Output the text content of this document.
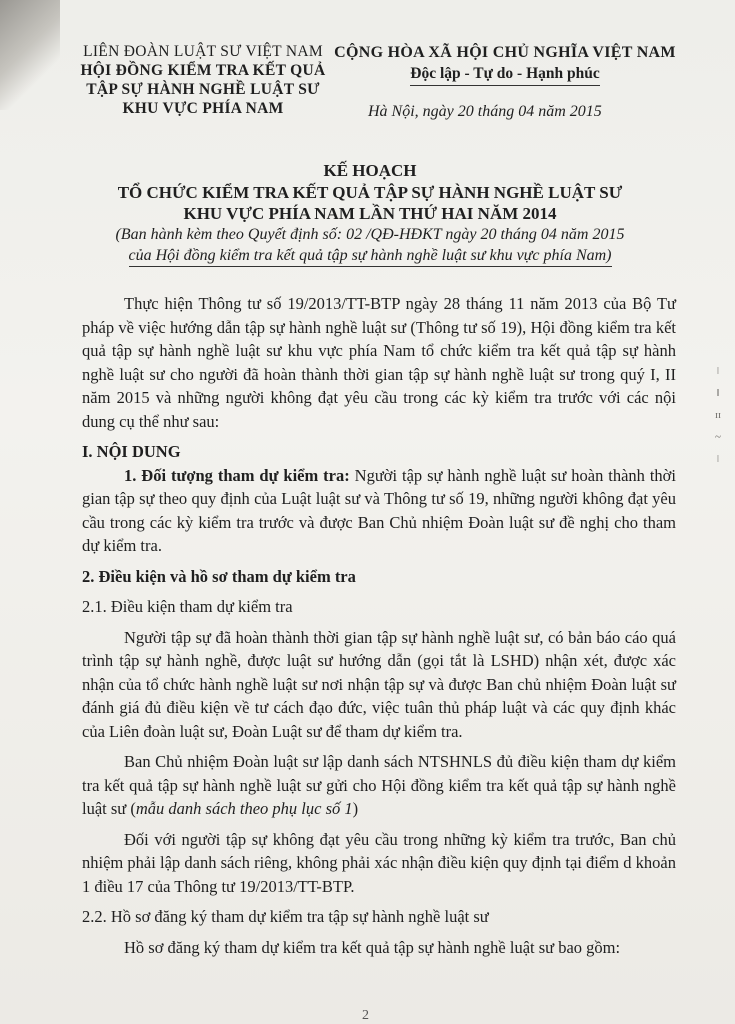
LIÊN ĐOÀN LUẬT SƯ VIỆT NAM
HỘI ĐỒNG KIỂM TRA KẾT QUẢ
TẬP SỰ HÀNH NGHỀ LUẬT SƯ
KHU VỰC PHÍA NAM
CỘNG HÒA XÃ HỘI CHỦ NGHĨA VIỆT NAM
Độc lập - Tự do - Hạnh phúc
Hà Nội, ngày 20 tháng 04 năm 2015
KẾ HOẠCH
TỔ CHỨC KIỂM TRA KẾT QUẢ TẬP SỰ HÀNH NGHỀ LUẬT SƯ
KHU VỰC PHÍA NAM LẦN THỨ HAI NĂM 2014
(Ban hành kèm theo Quyết định số: 02 /QĐ-HĐKT ngày 20 tháng 04 năm 2015
của Hội đồng kiểm tra kết quả tập sự hành nghề luật sư khu vực phía Nam)

Thực hiện Thông tư số 19/2013/TT-BTP ngày 28 tháng 11 năm 2013 của Bộ Tư pháp về việc hướng dẫn tập sự hành nghề luật sư (Thông tư số 19), Hội đồng kiểm tra kết quả tập sự hành nghề luật sư khu vực phía Nam tổ chức kiểm tra kết quả tập sự hành nghề luật sư cho người đã hoàn thành thời gian tập sự hành nghề luật sư trong quý I, II năm 2015 và những người không đạt yêu cầu trong các kỳ kiểm tra trước với các nội dung cụ thể như sau:

I. NỘI DUNG

1. Đối tượng tham dự kiểm tra: Người tập sự hành nghề luật sư hoàn thành thời gian tập sự theo quy định của Luật luật sư và Thông tư số 19, những người không đạt yêu cầu trong các kỳ kiểm tra trước và được Ban Chủ nhiệm Đoàn luật sư đề nghị cho tham dự kiểm tra.

2. Điều kiện và hồ sơ tham dự kiểm tra

2.1. Điều kiện tham dự kiểm tra

Người tập sự đã hoàn thành thời gian tập sự hành nghề luật sư, có bản báo cáo quá trình tập sự hành nghề, được luật sư hướng dẫn (gọi tắt là LSHD) nhận xét, được xác nhận của tổ chức hành nghề luật sư nơi nhận tập sự và được Ban chủ nhiệm Đoàn luật sư đánh giá đủ điều kiện về tư cách đạo đức, việc tuân thủ pháp luật và các quy định khác của Liên đoàn luật sư, Đoàn Luật sư để tham dự kiểm tra.

Ban Chủ nhiệm Đoàn luật sư lập danh sách NTSHNLS đủ điều kiện tham dự kiểm tra kết quả tập sự hành nghề luật sư gửi cho Hội đồng kiểm tra kết quả tập sự hành nghề luật sư (mẫu danh sách theo phụ lục số 1)

Đối với người tập sự không đạt yêu cầu trong những kỳ kiểm tra trước, Ban chủ nhiệm phải lập danh sách riêng, không phải xác nhận điều kiện quy định tại điểm d khoản 1 điều 17 của Thông tư 19/2013/TT-BTP.

2.2. Hồ sơ đăng ký tham dự kiểm tra tập sự hành nghề luật sư

Hồ sơ đăng ký tham dự kiểm tra kết quả tập sự hành nghề luật sư bao gồm:

ǀ
ǁ
ɪɪ
~
ǀ
2
